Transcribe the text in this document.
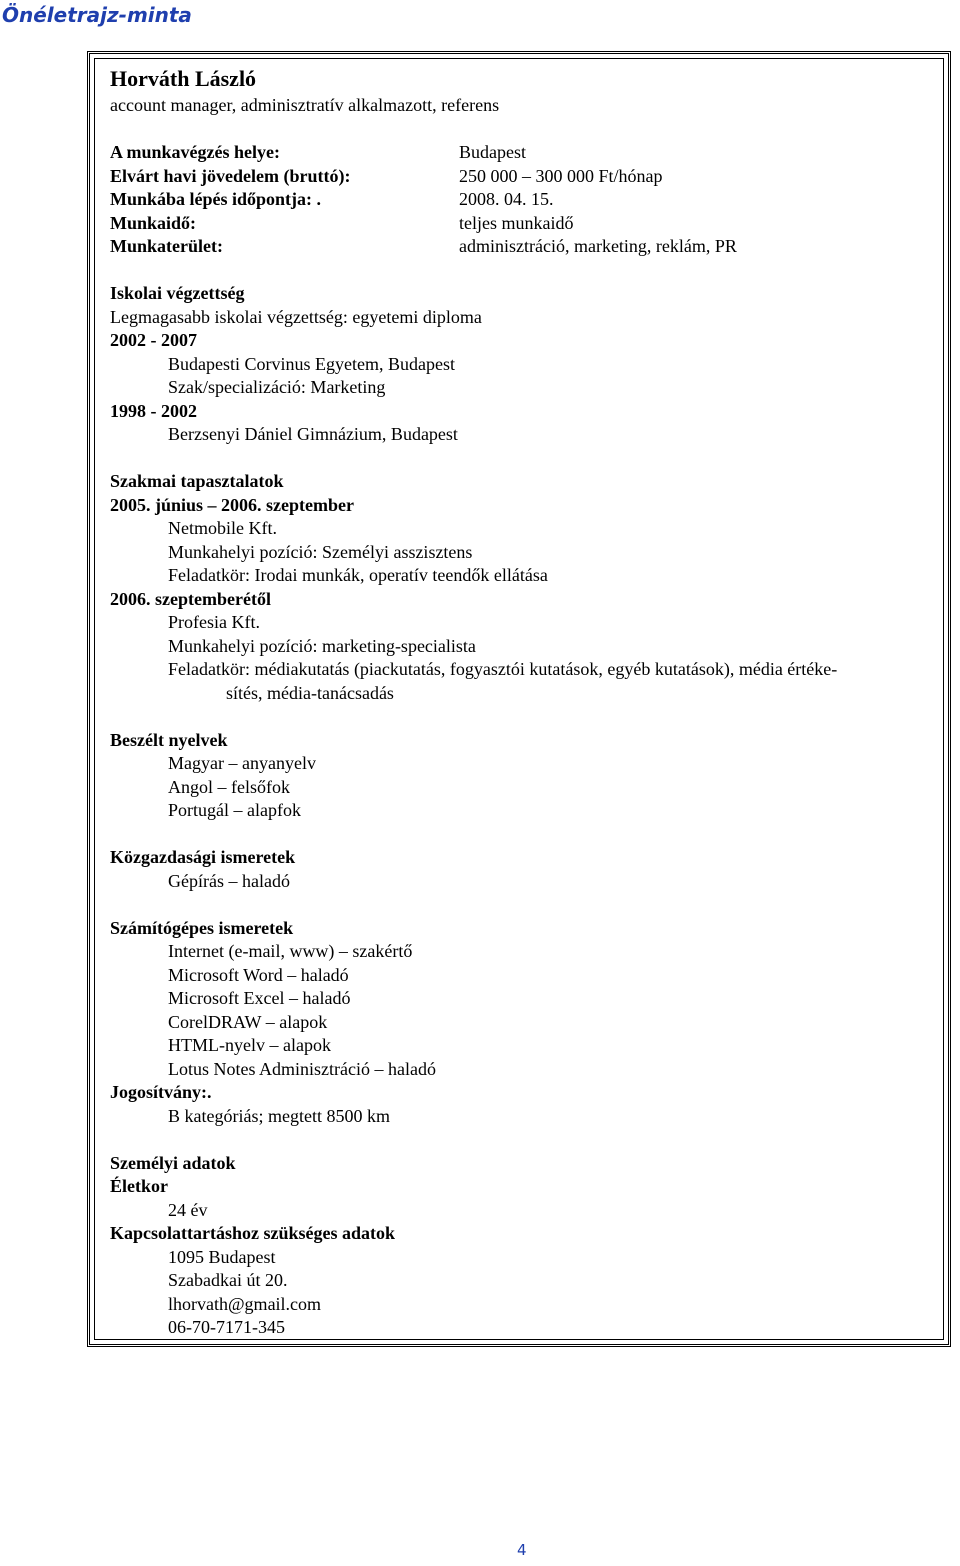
Önéletrajz-minta
Horváth László
account manager, adminisztratív alkalmazott, referens
A munkavégzés helye:	Budapest
Elvárt havi jövedelem (bruttó):	250 000 – 300 000 Ft/hónap
Munkába lépés időpontja: .	2008. 04. 15.
Munkaidő:	teljes munkaidő
Munkaterület:	adminisztráció, marketing, reklám, PR
Iskolai végzettség
Legmagasabb iskolai végzettség: egyetemi diploma
2002 - 2007
Budapesti Corvinus Egyetem, Budapest
Szak/specializáció: Marketing
1998 - 2002
Berzsenyi Dániel Gimnázium, Budapest
Szakmai tapasztalatok
2005. június – 2006. szeptember
Netmobile Kft.
Munkahelyi pozíció: Személyi asszisztens
Feladatkör: Irodai munkák, operatív teendők ellátása
2006. szeptemberétől
Profesia Kft.
Munkahelyi pozíció: marketing-specialista
Feladatkör: médiakutatás (piackutatás, fogyasztói kutatások, egyéb kutatások), média értéke-
sítés, média-tanácsadás
Beszélt nyelvek
Magyar – anyanyelv
Angol – felsőfok
Portugál – alapfok
Közgazdasági ismeretek
Gépírás – haladó
Számítógépes ismeretek
Internet (e-mail, www) – szakértő
Microsoft Word – haladó
Microsoft Excel – haladó
CorelDRAW – alapok
HTML-nyelv – alapok
Lotus Notes Adminisztráció – haladó
Jogosítvány:.
B kategóriás; megtett 8500 km
Személyi adatok
Életkor
24 év
Kapcsolattartáshoz szükséges adatok
1095 Budapest
Szabadkai út 20.
lhorvath@gmail.com
06-70-7171-345
4
